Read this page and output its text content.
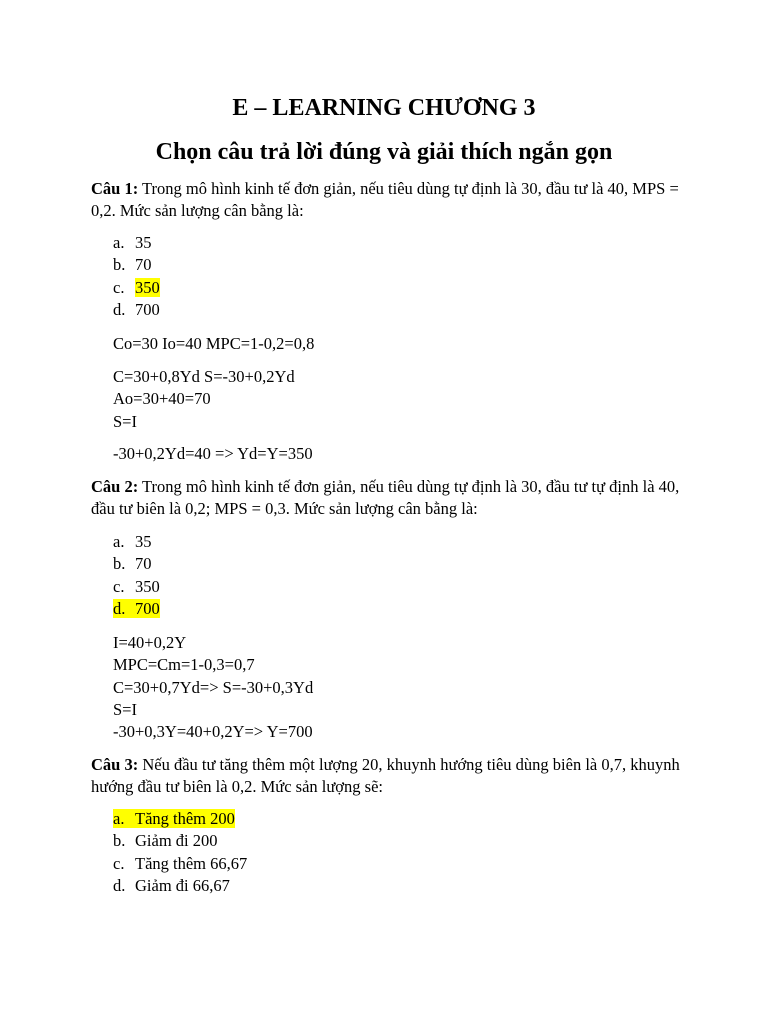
E – LEARNING CHƯƠNG 3
Chọn câu trả lời đúng và giải thích ngắn gọn

Câu 1: Trong mô hình kinh tế đơn giản, nếu tiêu dùng tự định là 30, đầu tư là 40, MPS = 0,2. Mức sản lượng cân bằng là:

a. 35
b. 70
c. 350
d. 700

Co=30 Io=40 MPC=1-0,2=0,8

C=30+0,8Yd S=-30+0,2Yd
Ao=30+40=70
S=I

-30+0,2Yd=40 => Yd=Y=350

Câu 2: Trong mô hình kinh tế đơn giản, nếu tiêu dùng tự định là 30, đầu tư tự định là 40, đầu tư biên là 0,2; MPS = 0,3. Mức sản lượng cân bằng là:

a. 35
b. 70
c. 350
d. 700
I=40+0,2Y
MPC=Cm=1-0,3=0,7
C=30+0,7Yd=> S=-30+0,3Yd
S=I
-30+0,3Y=40+0,2Y=> Y=700

Câu 3: Nếu đầu tư tăng thêm một lượng 20, khuynh hướng tiêu dùng biên là 0,7, khuynh hướng đầu tư biên là 0,2. Mức sản lượng sẽ:

a. Tăng thêm 200
b. Giảm đi 200
c. Tăng thêm 66,67
d. Giảm đi 66,67
